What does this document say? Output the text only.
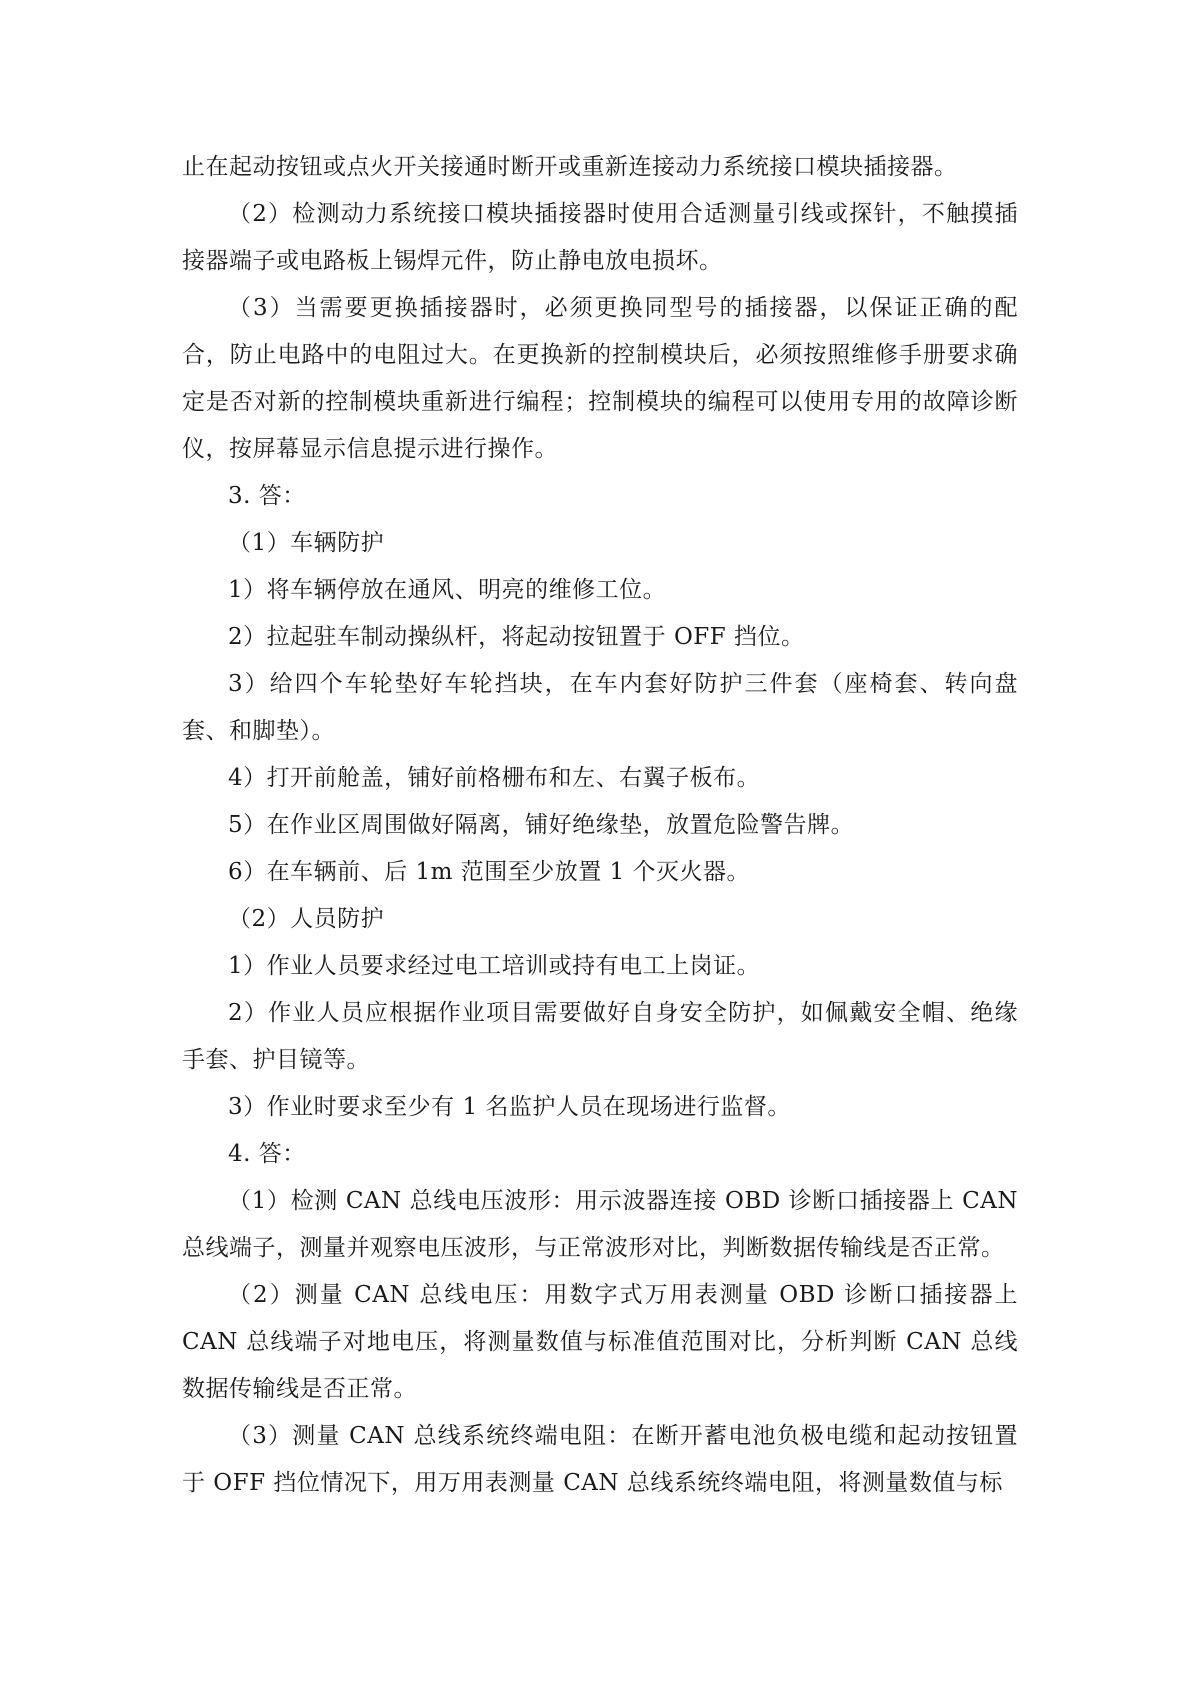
止在起动按钮或点火开关接通时断开或重新连接动力系统接口模块插接器。

（2）检测动力系统接口模块插接器时使用合适测量引线或探针，不触摸插接器端子或电路板上锡焊元件，防止静电放电损坏。

（3）当需要更换插接器时，必须更换同型号的插接器，以保证正确的配合，防止电路中的电阻过大。在更换新的控制模块后，必须按照维修手册要求确定是否对新的控制模块重新进行编程；控制模块的编程可以使用专用的故障诊断仪，按屏幕显示信息提示进行操作。

3. 答：

（1）车辆防护

1）将车辆停放在通风、明亮的维修工位。

2）拉起驻车制动操纵杆，将起动按钮置于 OFF 挡位。

3）给四个车轮垫好车轮挡块，在车内套好防护三件套（座椅套、转向盘套、和脚垫）。

4）打开前舱盖，铺好前格栅布和左、右翼子板布。

5）在作业区周围做好隔离，铺好绝缘垫，放置危险警告牌。

6）在车辆前、后 1m 范围至少放置 1 个灭火器。

（2）人员防护

1）作业人员要求经过电工培训或持有电工上岗证。

2）作业人员应根据作业项目需要做好自身安全防护，如佩戴安全帽、绝缘手套、护目镜等。

3）作业时要求至少有 1 名监护人员在现场进行监督。

4. 答：

（1）检测 CAN 总线电压波形：用示波器连接 OBD 诊断口插接器上 CAN 总线端子，测量并观察电压波形，与正常波形对比，判断数据传输线是否正常。

（2）测量 CAN 总线电压：用数字式万用表测量 OBD 诊断口插接器上 CAN 总线端子对地电压，将测量数值与标准值范围对比，分析判断 CAN 总线数据传输线是否正常。

（3）测量 CAN 总线系统终端电阻：在断开蓄电池负极电缆和起动按钮置于 OFF 挡位情况下，用万用表测量 CAN 总线系统终端电阻，将测量数值与标
